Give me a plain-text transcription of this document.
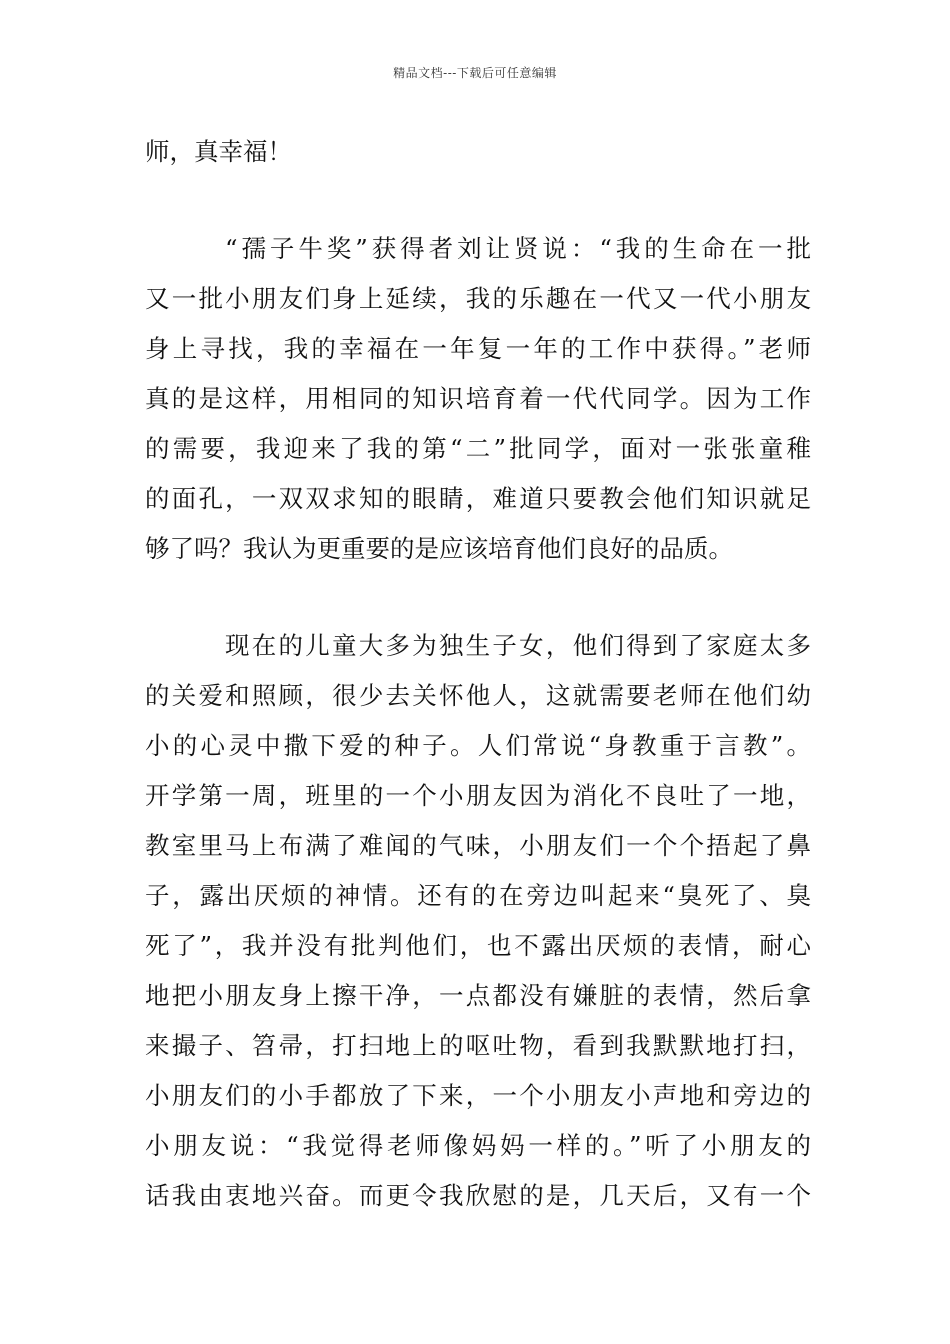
精品文档---下载后可任意编辑
师，真幸福！
“孺子牛奖”获得者刘让贤说：“我的生命在一批
又一批小朋友们身上延续，我的乐趣在一代又一代小朋友
身上寻找，我的幸福在一年复一年的工作中获得。”老师
真的是这样，用相同的知识培育着一代代同学。因为工作
的需要，我迎来了我的第“二”批同学，面对一张张童稚
的面孔，一双双求知的眼睛，难道只要教会他们知识就足
够了吗？我认为更重要的是应该培育他们良好的品质。
现在的儿童大多为独生子女，他们得到了家庭太多
的关爱和照顾，很少去关怀他人，这就需要老师在他们幼
小的心灵中撒下爱的种子。人们常说“身教重于言教”。
开学第一周，班里的一个小朋友因为消化不良吐了一地，
教室里马上布满了难闻的气味，小朋友们一个个捂起了鼻
子，露出厌烦的神情。还有的在旁边叫起来“臭死了、臭
死了”，我并没有批判他们，也不露出厌烦的表情，耐心
地把小朋友身上擦干净，一点都没有嫌脏的表情，然后拿
来撮子、笤帚，打扫地上的呕吐物，看到我默默地打扫，
小朋友们的小手都放了下来，一个小朋友小声地和旁边的
小朋友说：“我觉得老师像妈妈一样的。”听了小朋友的
话我由衷地兴奋。而更令我欣慰的是，几天后，又有一个
